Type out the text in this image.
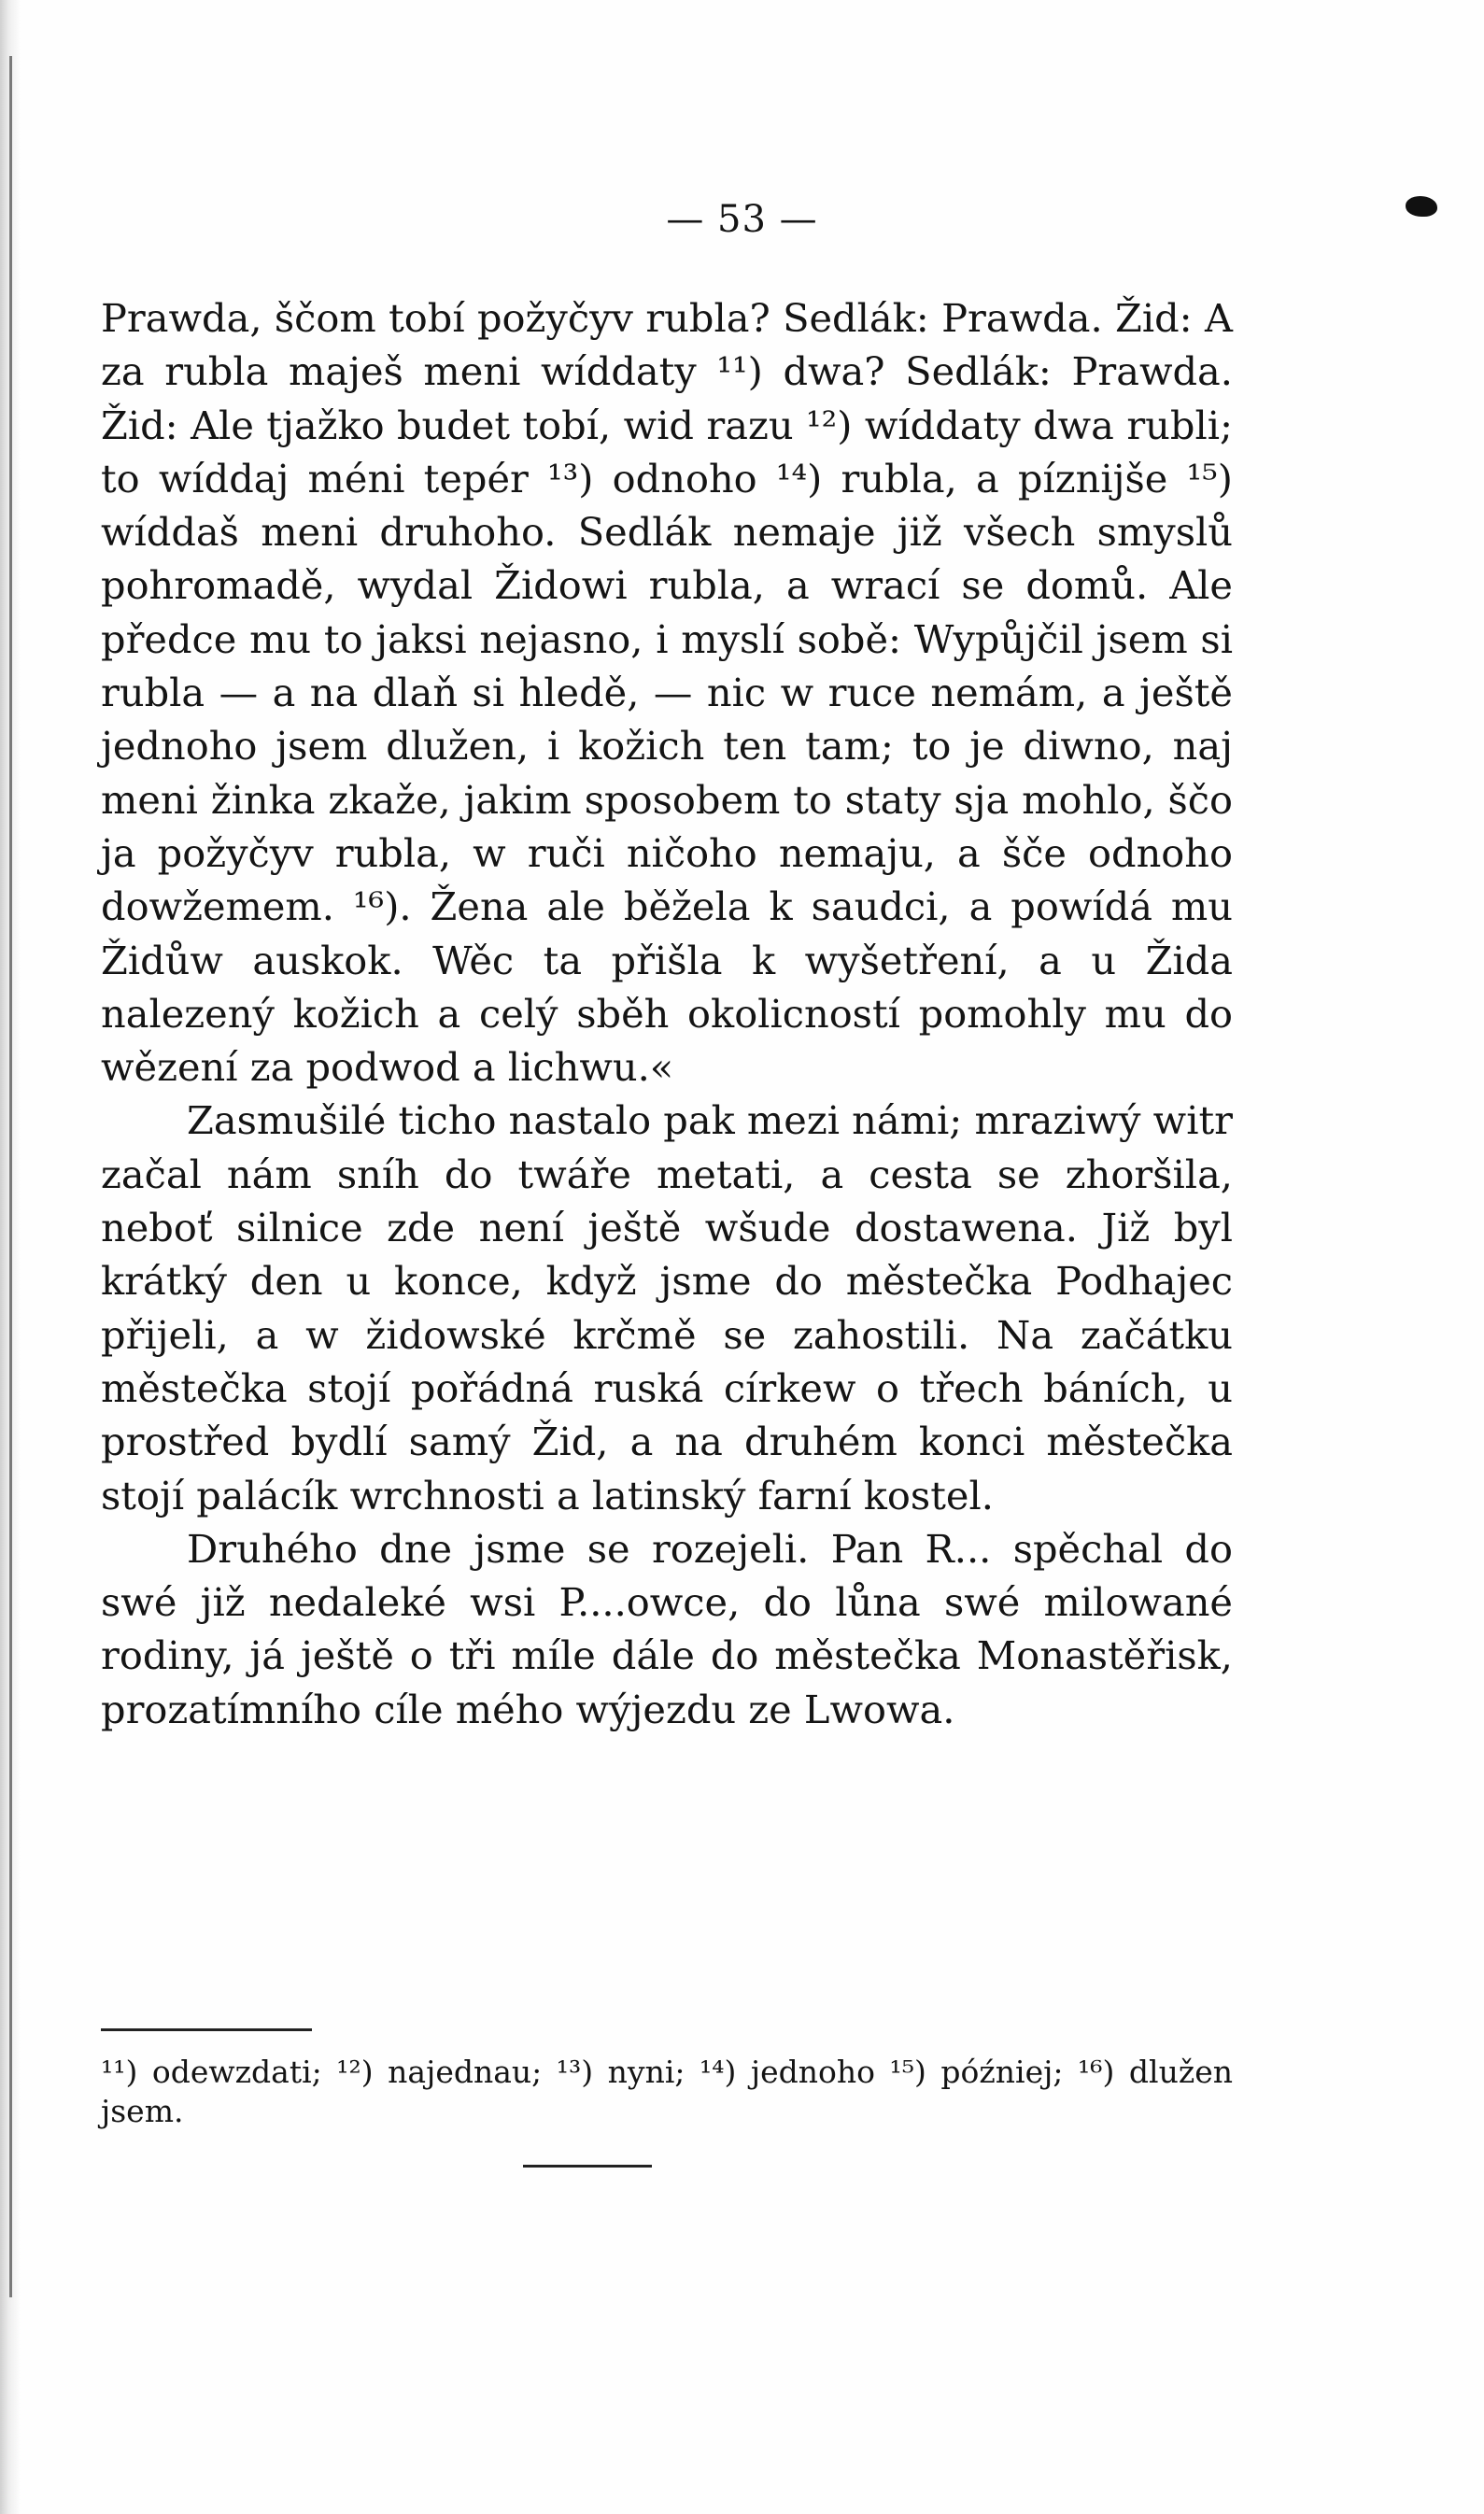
— 53 —

Prawda, ščom tobí požyčyv rubla? Sedlák: Prawda. Žid: A za rubla maješ meni wíddaty ¹¹) dwa? Sedlák: Prawda. Žid: Ale tjažko budet tobí, wid razu ¹²) wíddaty dwa rubli; to wíddaj méni tepér ¹³) odnoho ¹⁴) rubla, a píznijše ¹⁵) wíddaš meni druhoho. Sedlák nemaje již všech smyslů pohromadě, wydal Židowi rubla, a wrací se domů. Ale předce mu to jaksi nejasno, i myslí sobě: Wypůjčil jsem si rubla — a na dlaň si hledě, — nic w ruce nemám, a ještě jednoho jsem dlužen, i kožich ten tam; to je diwno, naj meni žinka zkaže, jakim sposobem to staty sja mohlo, ščo ja požyčyv rubla, w ruči ničoho nemaju, a šče odnoho dowžemem. ¹⁶). Žena ale běžela k saudci, a powídá mu Židůw auskok. Wěc ta přišla k wyšetření, a u Žida nalezený kožich a celý sběh okolicností pomohly mu do wězení za podwod a lichwu.«

Zasmušilé ticho nastalo pak mezi námi; mraziwý witr začal nám sníh do twáře metati, a cesta se zhoršila, neboť silnice zde není ještě wšude dostawena. Již byl krátký den u konce, když jsme do městečka Podhajec přijeli, a w židowské krčmě se zahostili. Na začátku městečka stojí pořádná ruská církew o třech báních, u prostřed bydlí samý Žid, a na druhém konci městečka stojí palácík wrchnosti a latinský farní kostel.

Druhého dne jsme se rozejeli. Pan R... spěchal do swé již nedaleké wsi P....owce, do lůna swé milowané rodiny, já ještě o tři míle dále do městečka Monastěřisk, prozatímního cíle mého wýjezdu ze Lwowa.

¹¹) odewzdati; ¹²) najednau; ¹³) nyni; ¹⁴) jednoho ¹⁵) później; ¹⁶) dlužen jsem.
